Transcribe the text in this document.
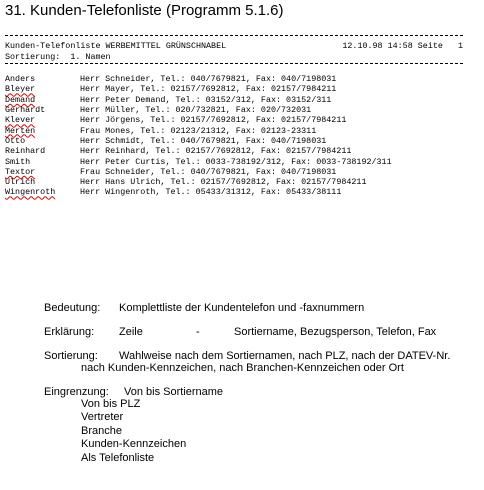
31. Kunden-Telefonliste (Programm 5.1.6)
Kunden-Telefonliste WERBEMITTEL GRÜNSCHNABEL	12.10.98 14:58 Seite   1
Sortierung:  1. Namen
Anders	Herr Schneider, Tel.: 040/7679821, Fax: 040/7198031
Bleyer	Herr Mayer, Tel.: 02157/7692812, Fax: 02157/7984211
Demand	Herr Peter Demand, Tel.: 03152/312, Fax: 03152/311
Gerhardt	Herr Müller, Tel.: 020/732821, Fax: 020/732031
Klever	Herr Jörgens, Tel.: 02157/7692812, Fax: 02157/7984211
Merten	Frau Mones, Tel.: 02123/21312, Fax: 02123-23311
Otto	Herr Schmidt, Tel.: 040/7679821, Fax: 040/7198031
Reinhard	Herr Reinhard, Tel.: 02157/7692812, Fax: 02157/7984211
Smith	Herr Peter Curtis, Tel.: 0033-738192/312, Fax: 0033-738192/311
Textor	Frau Schneider, Tel.: 040/7679821, Fax: 040/7198031
Ulrich	Herr Hans Ulrich, Tel.: 02157/7692812, Fax: 02157/7984211
Wingenroth	Herr Wingenroth, Tel.: 05433/31312, Fax: 05433/38111
Bedeutung:	Komplettliste der Kundentelefon und -faxnummern
Erklärung:	Zeile	-	Sortiername, Bezugsperson, Telefon, Fax
Sortierung:	Wahlweise nach dem Sortiernamen, nach PLZ, nach der DATEV-Nr.
nach Kunden-Kennzeichen, nach Branchen-Kennzeichen oder Ort
Eingrenzung:	Von bis Sortiername
Von bis PLZ
Vertreter
Branche
Kunden-Kennzeichen
Als Telefonliste
